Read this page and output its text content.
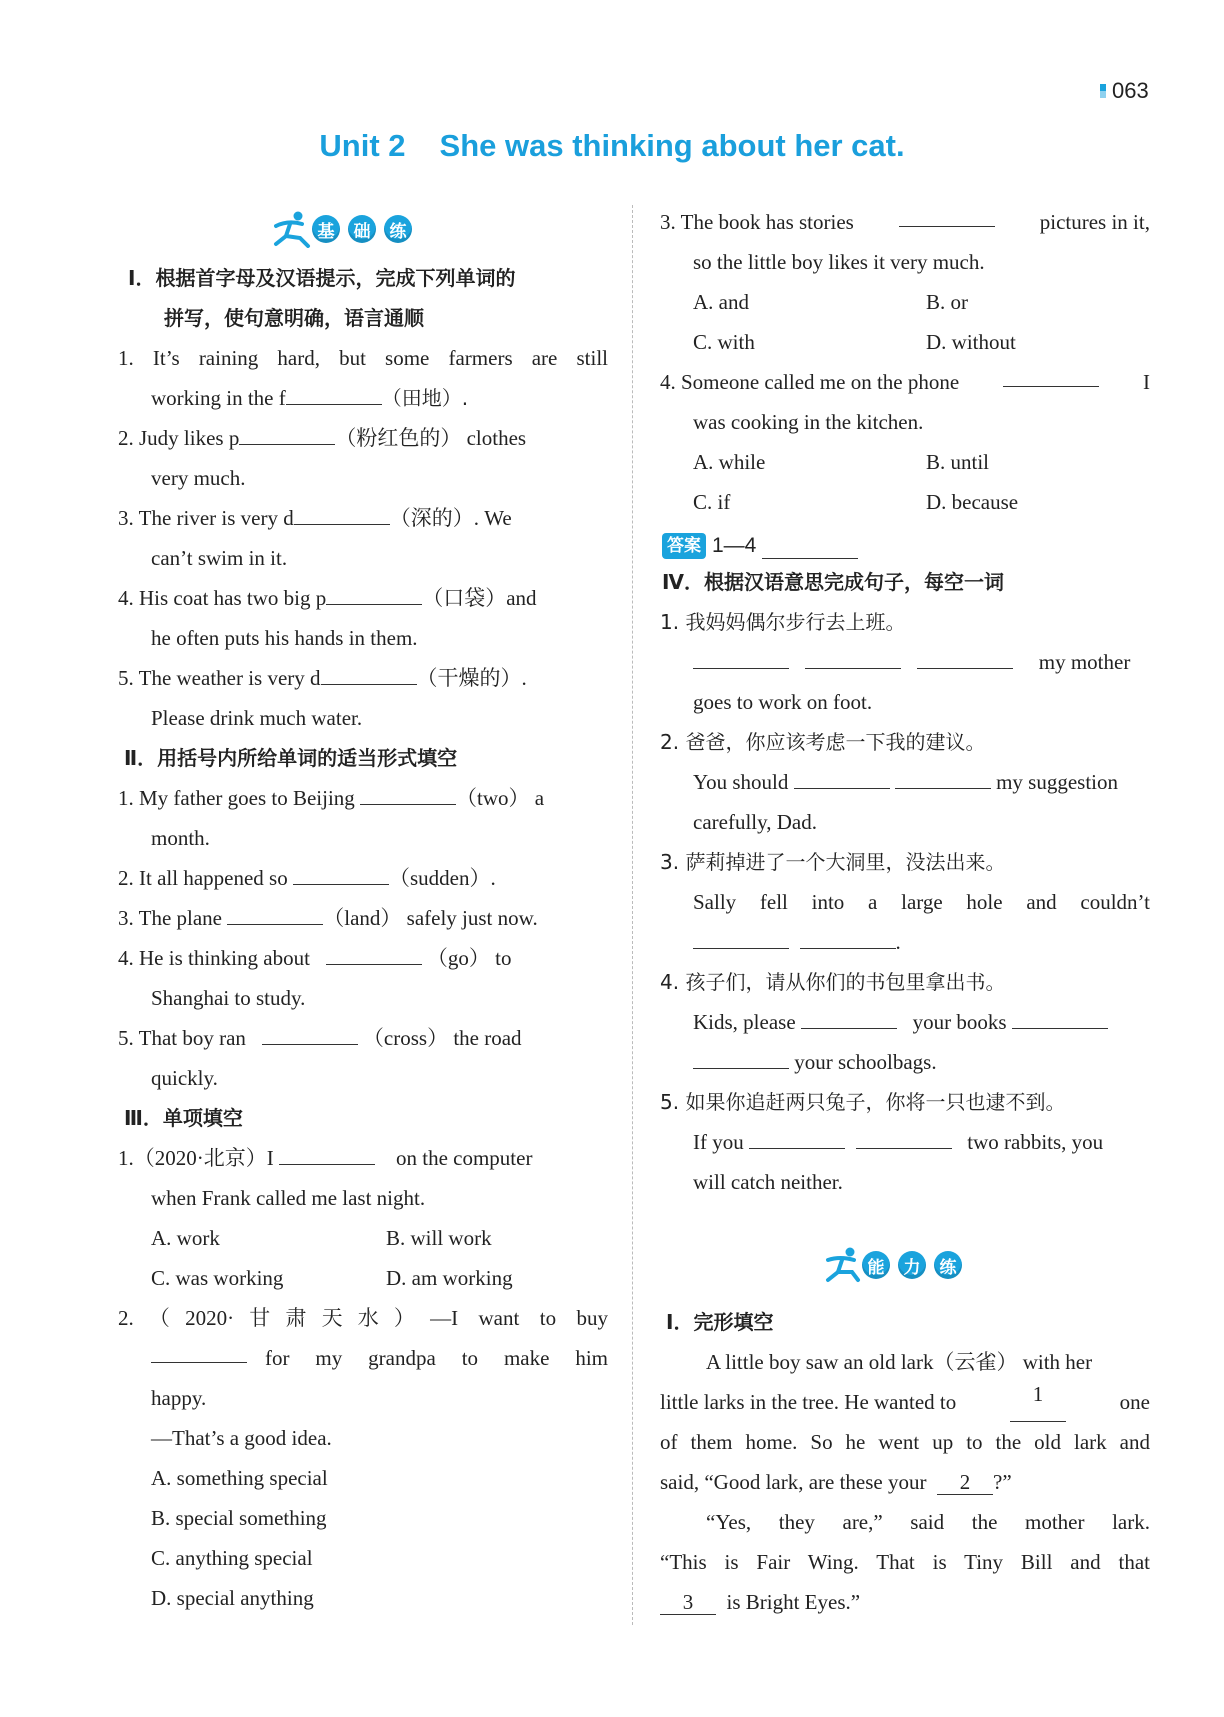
063
Unit 2 She was thinking about her cat.
基	础	练
Ⅰ．根据首字母及汉语提示，完成下列单词的
拼写，使句意明确，语言通顺
1. It’s raining hard, but some farmers are still
working in the f	（田地）.
2. Judy likes p	（粉红色的） clothes
very much.
3. The river is very d	（深的）. We
can’t swim in it.
4. His coat has two big p	（口袋）and
he often puts his hands in them.
5. The weather is very d	（干燥的）.
Please drink much water.
Ⅱ．用括号内所给单词的适当形式填空
1. My father goes to Beijing	（two） a
month.
2. It all happened so	（sudden）.
3. The plane	（land） safely just now.
4. He is thinking about	（go） to
Shanghai to study.
5. That boy ran	（cross） the road
quickly.
Ⅲ．单项填空
1.（2020·北京）I	on the computer
when Frank called me last night.
A. work	B. will work
C. was working	D. am working
2.（2020·甘肃天水）—I want to buy
for my grandpa to make him
happy.
—That’s a good idea.
A. something special
B. special something
C. anything special
D. special anything
3. The book has stories	pictures in it,
so the little boy likes it very much.
A. and	B. or
C. with	D. without
4. Someone called me on the phone	I
was cooking in the kitchen.
A. while	B. until
C. if	D. because
答案 1—4

Ⅳ．根据汉语意思完成句子，每空一词
1. 我妈妈偶尔步行去上班。
my mother
goes to work on foot.
2. 爸爸，你应该考虑一下我的建议。
You should	my suggestion
carefully, Dad.
3. 萨莉掉进了一个大洞里，没法出来。
Sally fell into a large hole and couldn’t
.
4. 孩子们，请从你们的书包里拿出书。
Kids, please	your books
your schoolbags.
5. 如果你追赶两只兔子，你将一只也逮不到。
If you	two rabbits, you
will catch neither.
Ⅰ．完形填空
A little boy saw an old lark（云雀） with her
little larks in the tree. He wanted to	1	one
of them home. So he went up to the old lark and
said, “Good lark, are these your 2 ?”
“Yes, they are,” said the mother lark.
“This is Fair Wing. That is Tiny Bill and that
3 is Bright Eyes.”
能	力	练
